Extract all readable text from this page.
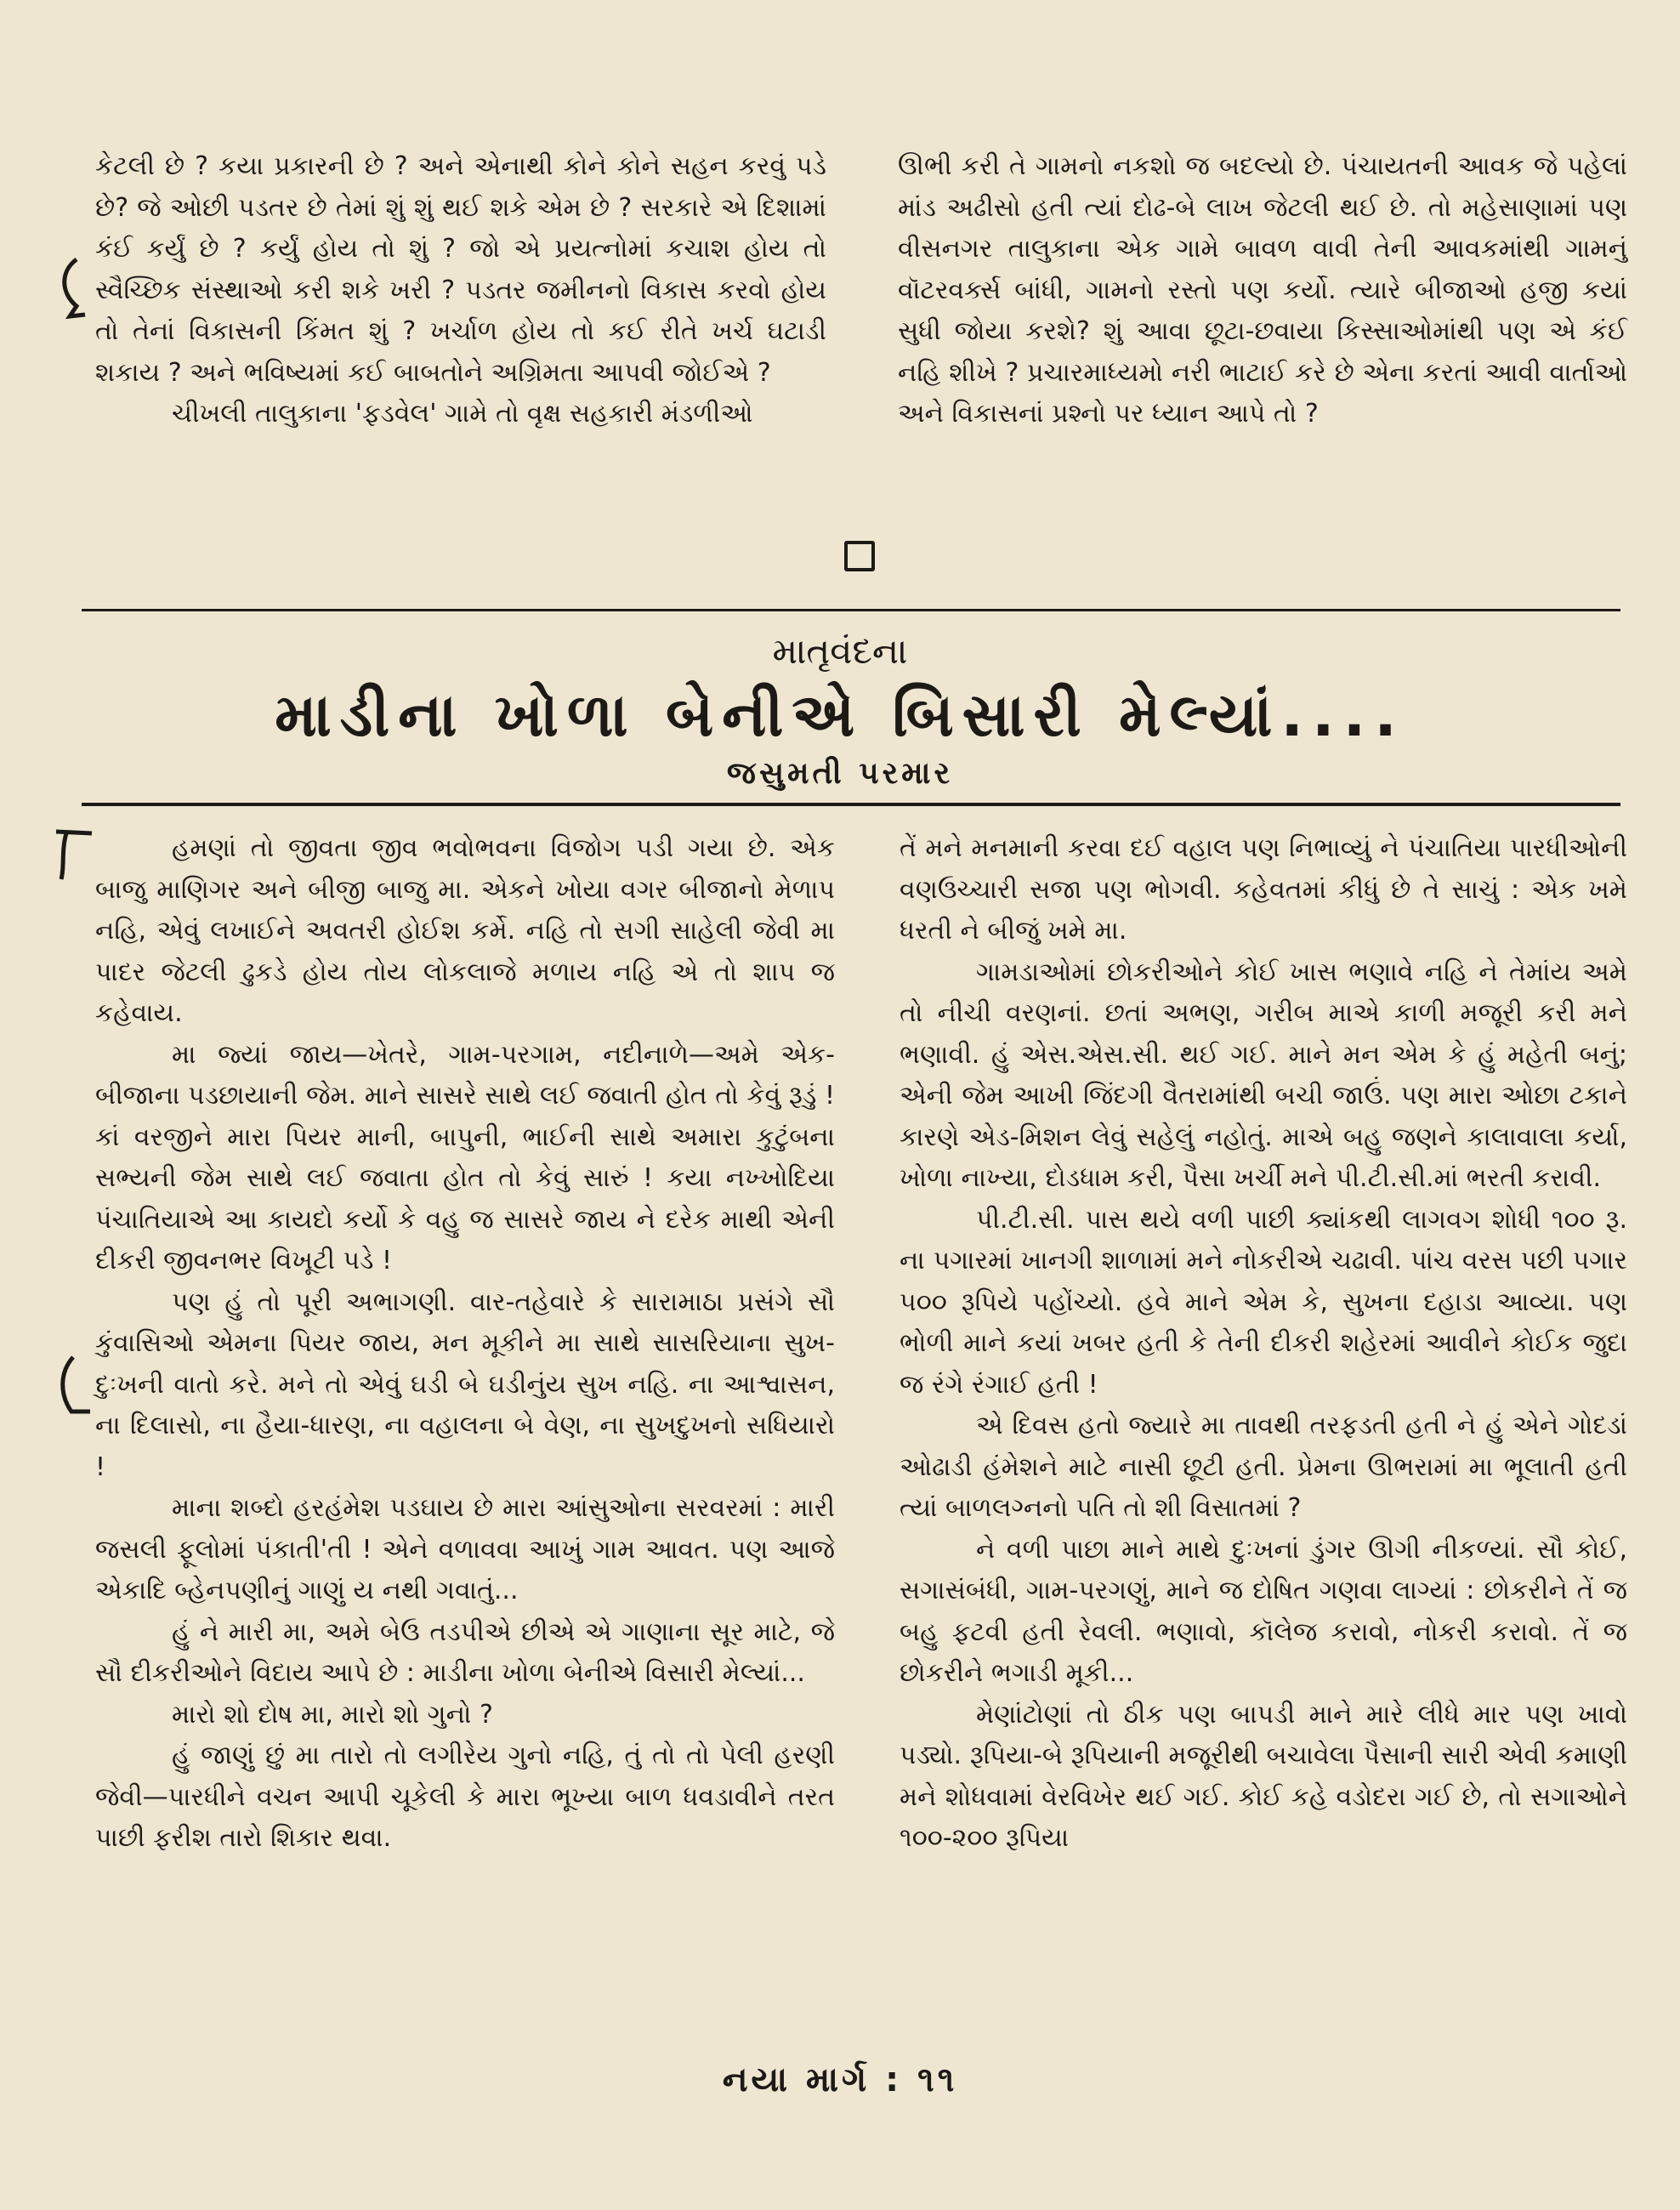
કેટલી છે ? કયા પ્રકારની છે ? અને એનાથી કોને કોને સહન કરવું પડે છે? જે ઓછી પડતર છે તેમાં શું શું થઈ શકે એમ છે ? સરકારે એ દિશામાં કંઈ કર્યું છે ? કર્યું હોય તો શું ? જો એ પ્રયત્નોમાં કચાશ હોય તો સ્વૈચ્છિક સંસ્થાઓ કરી શકે ખરી ? પડતર જમીનનો વિકાસ કરવો હોય તો તેનાં વિકાસની કિંમત શું ? ખર્ચાળ હોય તો કઈ રીતે ખર્ચ ઘટાડી શકાય ? અને ભવિષ્યમાં કઈ બાબતોને અગ્રિમતા આપવી જોઈએ ?

ચીખલી તાલુકાના 'ફડવેલ' ગામે તો વૃક્ષ સહકારી મંડળીઓ

ઊભી કરી તે ગામનો નકશો જ બદલ્યો છે. પંચાયતની આવક જે પહેલાં માંડ અઢીસો હતી ત્યાં દોઢ-બે લાખ જેટલી થઈ છે. તો મહેસાણામાં પણ વીસનગર તાલુકાના એક ગામે બાવળ વાવી તેની આવકમાંથી ગામનું વૉટરવર્ક્સ બાંધી, ગામનો રસ્તો પણ કર્યો. ત્યારે બીજાઓ હજી કયાં સુધી જોયા કરશે? શું આવા છૂટા-છવાયા કિસ્સાઓમાંથી પણ એ કંઈ નહિ શીખે ? પ્રચારમાધ્યમો નરી ભાટાઈ કરે છે એના કરતાં આવી વાર્તાઓ અને વિકાસનાં પ્રશ્નો પર ધ્યાન આપે તો ?

માતૃવંદના
માડીના ખોળા બેનીએ બિસારી મેલ્યાં....
જસુમતી પરમાર

હમણાં તો જીવતા જીવ ભવોભવના વિજોગ પડી ગયા છે. એક બાજુ માણિગર અને બીજી બાજુ મા. એકને ખોયા વગર બીજાનો મેળાપ નહિ, એવું લખાઈને અવતરી હોઈશ કર્મે. નહિ તો સગી સાહેલી જેવી મા પાદર જેટલી ઢુકડે હોય તોય લોકલાજે મળાય નહિ એ તો શાપ જ કહેવાય.

મા જ્યાં જાય—ખેતરે, ગામ-પરગામ, નદીનાળે—અમે એક-બીજાના પડછાયાની જેમ. માને સાસરે સાથે લઈ જવાતી હોત તો કેવું રૂડું ! કાં વરજીને મારા પિયર માની, બાપુની, ભાઈની સાથે અમારા કુટુંબના સભ્યની જેમ સાથે લઈ જવાતા હોત તો કેવું સારું ! કયા નખ્ખોદિયા પંચાતિયાએ આ કાયદો કર્યો કે વહુ જ સાસરે જાય ને દરેક માથી એની દીકરી જીવનભર વિખૂટી પડે !

પણ હું તો પૂરી અભાગણી. વાર-તહેવારે કે સારામાઠા પ્રસંગે સૌ કુંવાસિઓ એમના પિયર જાય, મન મૂકીને મા સાથે સાસરિયાના સુખ-દુઃખની વાતો કરે. મને તો એવું ઘડી બે ઘડીનુંય સુખ નહિ. ના આશ્વાસન, ના દિલાસો, ના હૈયા-ધારણ, ના વહાલના બે વેણ, ના સુખદુખનો સધિયારો !

માના શબ્દો હરહંમેશ પડઘાય છે મારા આંસુઓના સરવરમાં : મારી જસલી ફૂલોમાં પંકાતી'તી ! એને વળાવવા આખું ગામ આવત. પણ આજે એકાદિ બ્હેનપણીનું ગાણું ય નથી ગવાતું...

હું ને મારી મા, અમે બેઉ તડપીએ છીએ એ ગાણાના સૂર માટે, જે સૌ દીકરીઓને વિદાય આપે છે : માડીના ખોળા બેનીએ વિસારી મેલ્યાં...

મારો શો દોષ મા, મારો શો ગુનો ?

હું જાણું છું મા તારો તો લગીરેય ગુનો નહિ, તું તો તો પેલી હરણી જેવી—પારધીને વચન આપી ચૂકેલી કે મારા ભૂખ્યા બાળ ધવડાવીને તરત પાછી ફરીશ તારો શિકાર થવા.

તેં મને મનમાની કરવા દઈ વહાલ પણ નિભાવ્યું ને પંચાતિયા પારધીઓની વણઉચ્ચારી સજા પણ ભોગવી. કહેવતમાં કીધું છે તે સાચું : એક ખમે ધરતી ને બીજું ખમે મા.

ગામડાઓમાં છોકરીઓને કોઈ ખાસ ભણાવે નહિ ને તેમાંય અમે તો નીચી વરણનાં. છતાં અભણ, ગરીબ માએ કાળી મજૂરી કરી મને ભણાવી. હું એસ.એસ.સી. થઈ ગઈ. માને મન એમ કે હું મહેતી બનું; એની જેમ આખી જિંદગી વૈતરામાંથી બચી જાઉં. પણ મારા ઓછા ટકાને કારણે એડ-મિશન લેવું સહેલું નહોતું. માએ બહુ જણને કાલાવાલા કર્યા, ખોળા નાખ્યા, દોડધામ કરી, પૈસા ખર્ચી મને પી.ટી.સી.માં ભરતી કરાવી.

પી.ટી.સી. પાસ થયે વળી પાછી ક્યાંકથી લાગવગ શોધી ૧૦૦ રૂ. ના પગારમાં ખાનગી શાળામાં મને નોકરીએ ચઢાવી. પાંચ વરસ પછી પગાર ૫૦૦ રૂપિયે પહોંચ્યો. હવે માને એમ કે, સુખના દહાડા આવ્યા. પણ ભોળી માને કયાં ખબર હતી કે તેની દીકરી શહેરમાં આવીને કોઈક જુદા જ રંગે રંગાઈ હતી !

એ દિવસ હતો જ્યારે મા તાવથી તરફડતી હતી ને હું એને ગોદડાં ઓઢાડી હંમેશને માટે નાસી છૂટી હતી. પ્રેમના ઊભરામાં મા ભૂલાતી હતી ત્યાં બાળલગ્નનો પતિ તો શી વિસાતમાં ?

ને વળી પાછા માને માથે દુઃખનાં ડુંગર ઊગી નીકળ્યાં. સૌ કોઈ, સગાસંબંધી, ગામ-પરગણું, માને જ દોષિત ગણવા લાગ્યાં : છોકરીને તેં જ બહુ ફટવી હતી રેવલી. ભણાવો, કૉલેજ કરાવો, નોકરી કરાવો. તેં જ છોકરીને ભગાડી મૂકી...

મેણાંટોણાં તો ઠીક પણ બાપડી માને મારે લીધે માર પણ ખાવો પડ્યો. રૂપિયા-બે રૂપિયાની મજૂરીથી બચાવેલા પૈસાની સારી એવી કમાણી મને શોધવામાં વેરવિખેર થઈ ગઈ. કોઈ કહે વડોદરા ગઈ છે, તો સગાઓને ૧૦૦-૨૦૦ રૂપિયા

નયા માર્ગ : ૧૧
